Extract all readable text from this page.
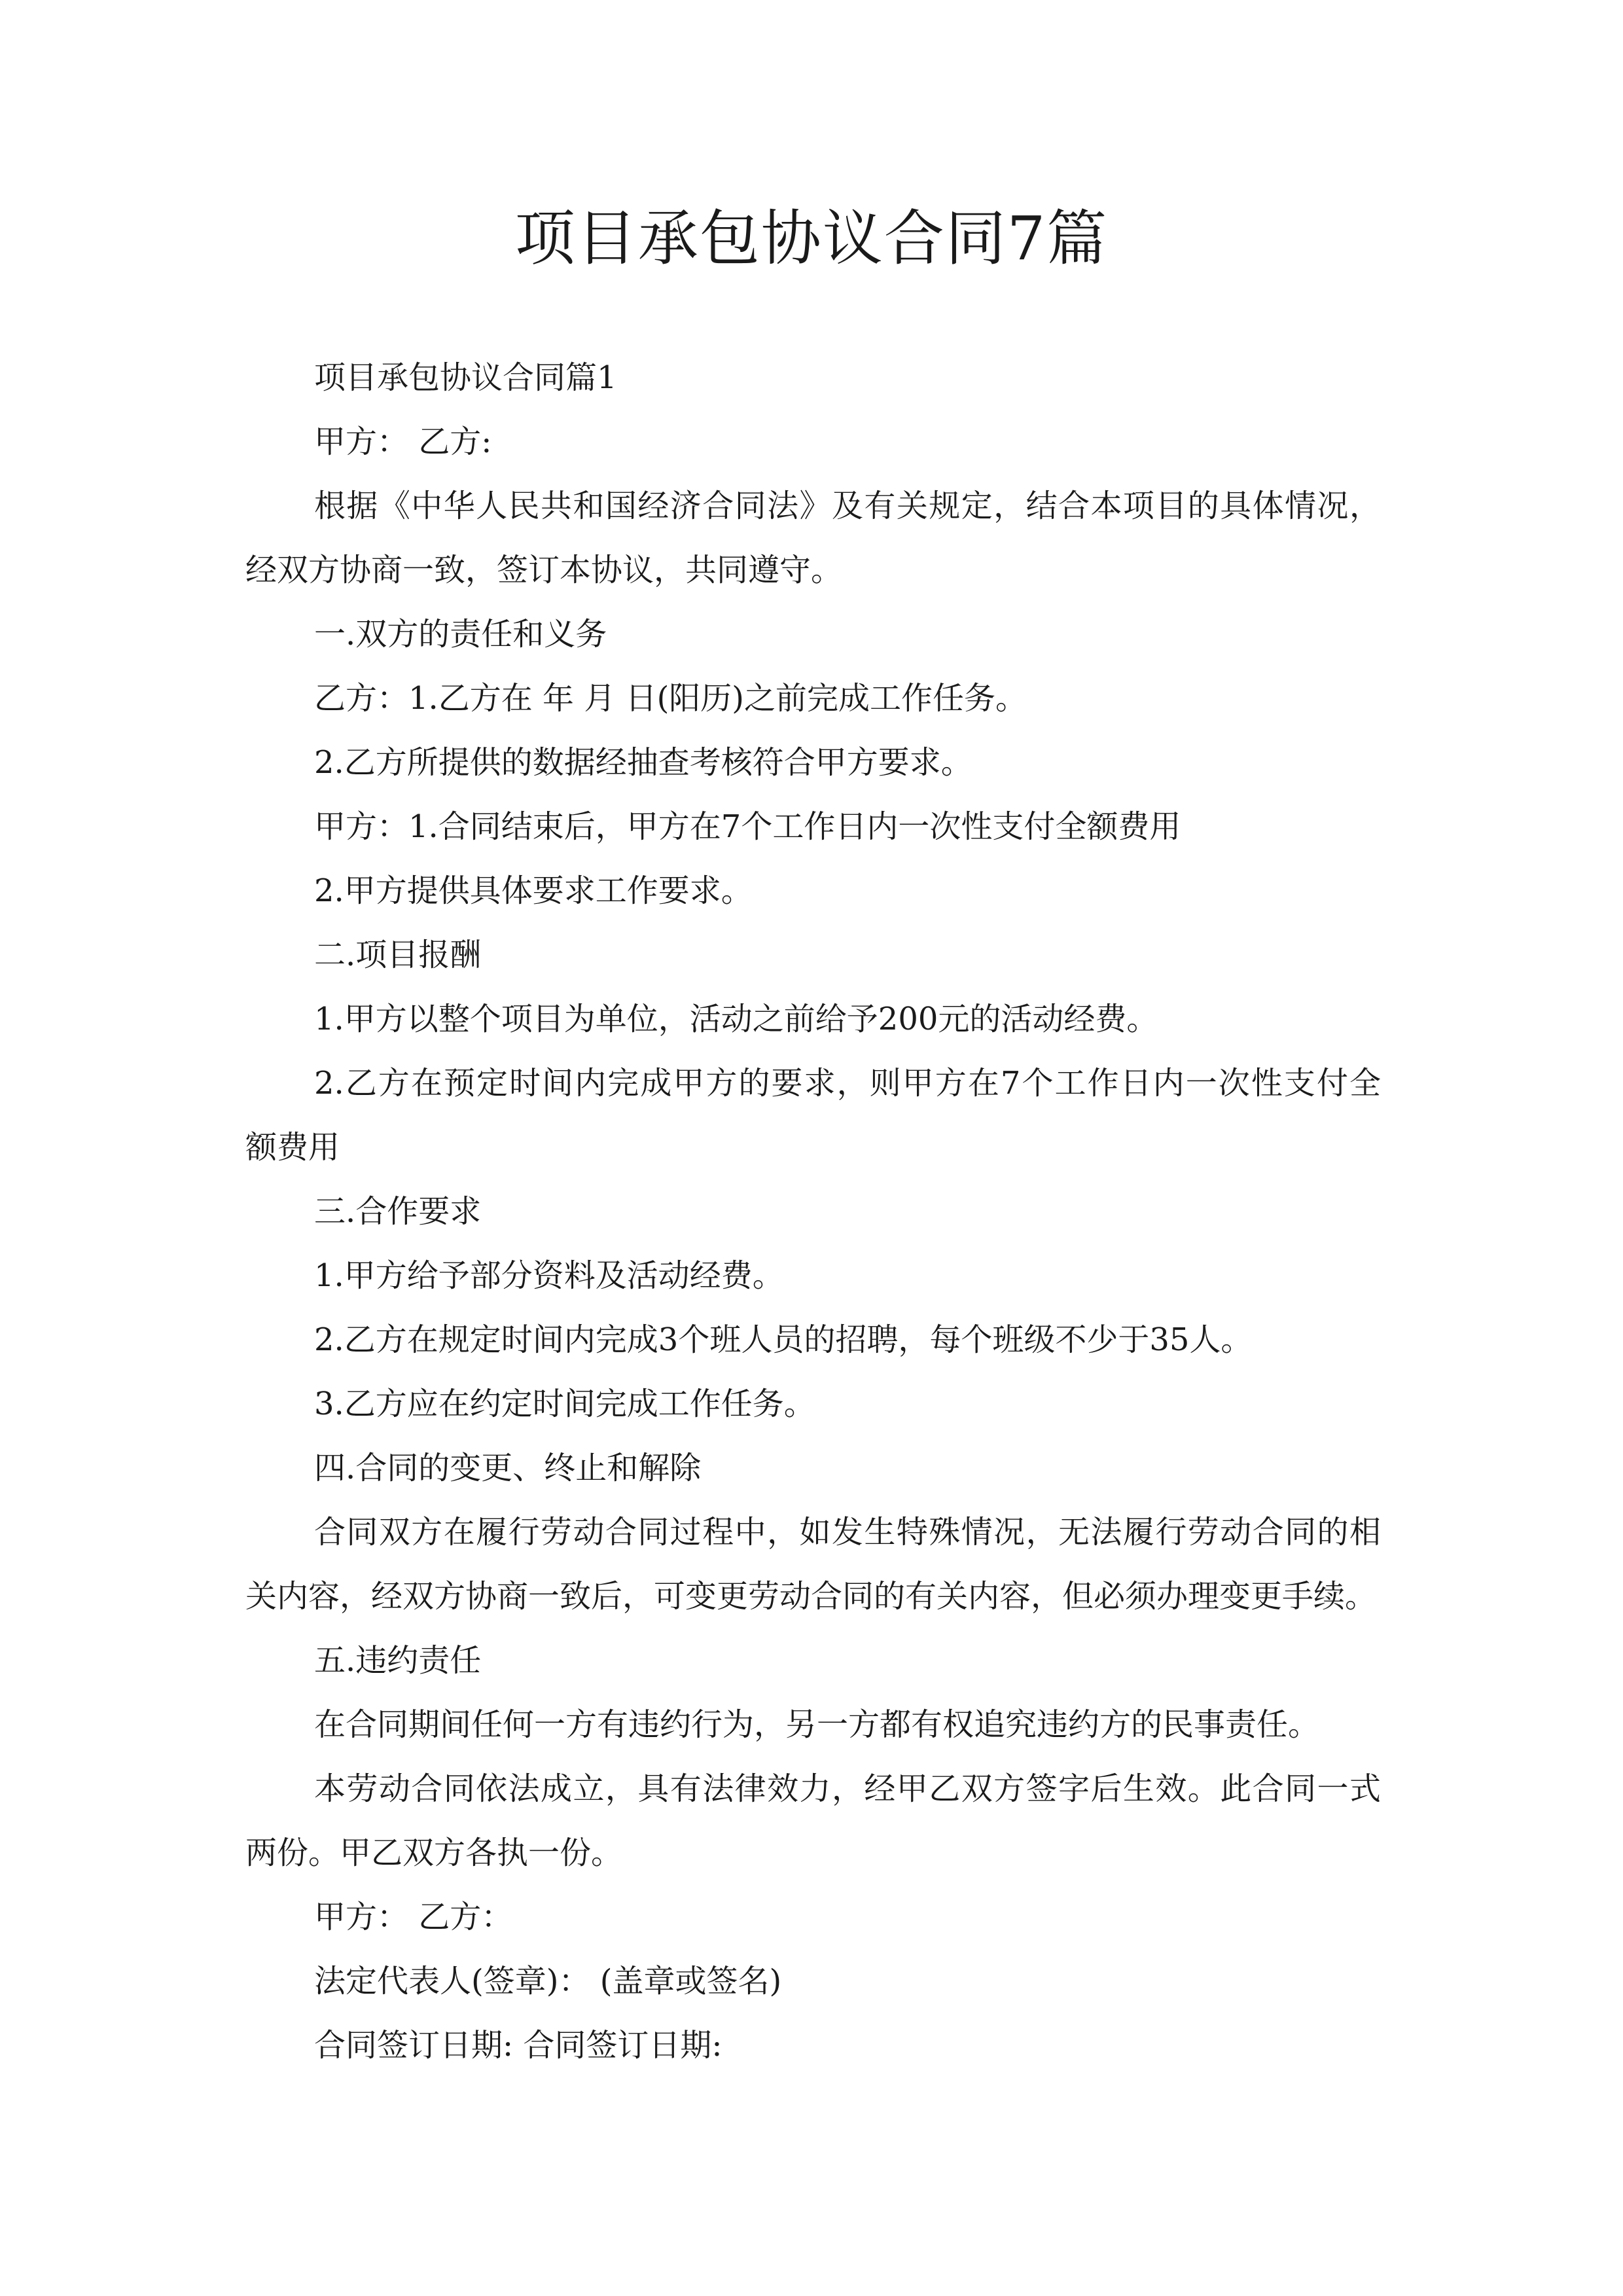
项目承包协议合同7篇
项目承包协议合同篇1
甲方： 乙方:
根据《中华人民共和国经济合同法》及有关规定，结合本项目的具体情况，
经双方协商一致，签订本协议，共同遵守。
一.双方的责任和义务
乙方：1.乙方在 年 月 日(阳历)之前完成工作任务。
2.乙方所提供的数据经抽查考核符合甲方要求。
甲方：1.合同结束后，甲方在7个工作日内一次性支付全额费用
2.甲方提供具体要求工作要求。
二.项目报酬
1.甲方以整个项目为单位，活动之前给予200元的活动经费。
2.乙方在预定时间内完成甲方的要求，则甲方在7个工作日内一次性支付全
额费用
三.合作要求
1.甲方给予部分资料及活动经费。
2.乙方在规定时间内完成3个班人员的招聘，每个班级不少于35人。
3.乙方应在约定时间完成工作任务。
四.合同的变更、终止和解除
合同双方在履行劳动合同过程中，如发生特殊情况，无法履行劳动合同的相
关内容，经双方协商一致后，可变更劳动合同的有关内容，但必须办理变更手续。
五.违约责任
在合同期间任何一方有违约行为，另一方都有权追究违约方的民事责任。
本劳动合同依法成立，具有法律效力，经甲乙双方签字后生效。此合同一式
两份。甲乙双方各执一份。
甲方： 乙方：
法定代表人(签章)： (盖章或签名)
合同签订日期: 合同签订日期:
